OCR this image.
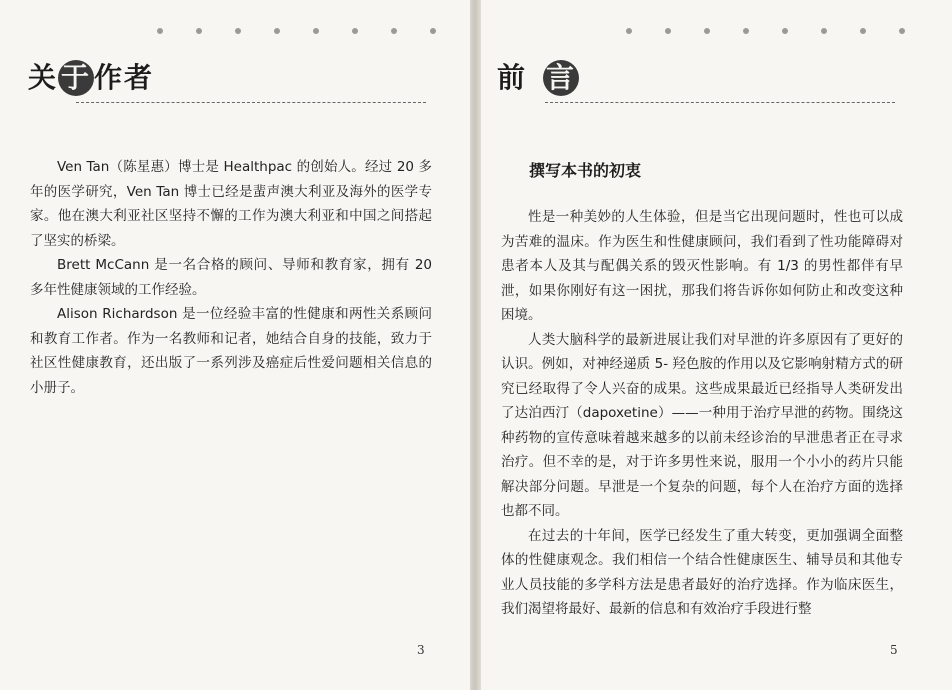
关 于 作者

Ven Tan（陈星惠）博士是 Healthpac 的创始人。经过 20 多年的医学研究，Ven Tan 博士已经是蜚声澳大利亚及海外的医学专家。他在澳大利亚社区坚持不懈的工作为澳大利亚和中国之间搭起了坚实的桥梁。

Brett McCann 是一名合格的顾问、导师和教育家，拥有 20 多年性健康领域的工作经验。

Alison Richardson 是一位经验丰富的性健康和两性关系顾问和教育工作者。作为一名教师和记者，她结合自身的技能，致力于社区性健康教育，还出版了一系列涉及癌症后性爱问题相关信息的小册子。

3
前 言
撰写本书的初衷

性是一种美妙的人生体验，但是当它出现问题时，性也可以成为苦难的温床。作为医生和性健康顾问，我们看到了性功能障碍对患者本人及其与配偶关系的毁灭性影响。有 1/3 的男性都伴有早泄，如果你刚好有这一困扰，那我们将告诉你如何防止和改变这种困境。

人类大脑科学的最新进展让我们对早泄的许多原因有了更好的认识。例如，对神经递质 5- 羟色胺的作用以及它影响射精方式的研究已经取得了令人兴奋的成果。这些成果最近已经指导人类研发出了达泊西汀（dapoxetine）——一种用于治疗早泄的药物。围绕这种药物的宣传意味着越来越多的以前未经诊治的早泄患者正在寻求治疗。但不幸的是，对于许多男性来说，服用一个小小的药片只能解决部分问题。早泄是一个复杂的问题，每个人在治疗方面的选择也都不同。

在过去的十年间，医学已经发生了重大转变，更加强调全面整体的性健康观念。我们相信一个结合性健康医生、辅导员和其他专业人员技能的多学科方法是患者最好的治疗选择。作为临床医生，我们渴望将最好、最新的信息和有效治疗手段进行整

5
